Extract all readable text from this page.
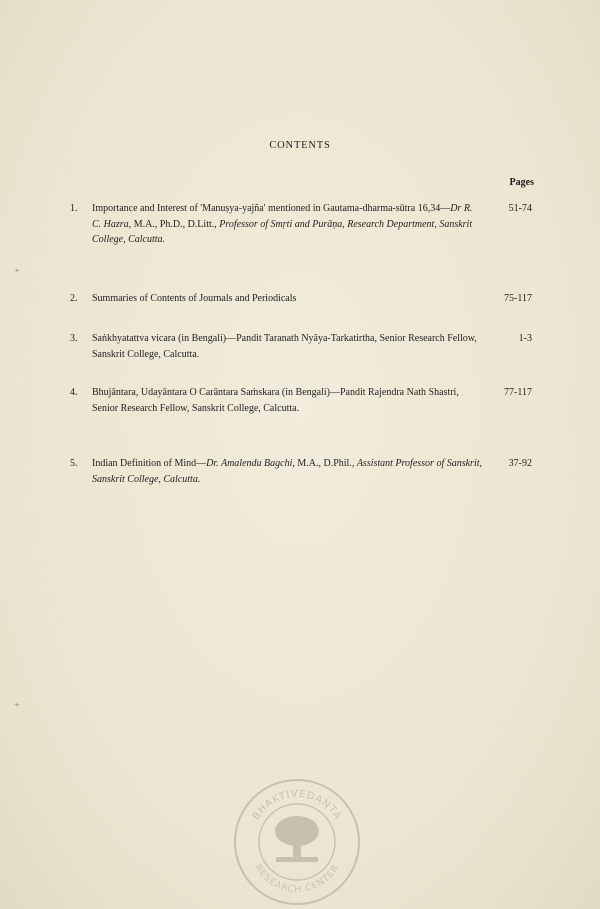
CONTENTS
Pages
1. Importance and Interest of 'Manuṣya-yajña' mentioned in Gautama-dharma-sūtra 16,34—Dr R. C. Hazra, M.A., Ph.D., D.Litt., Professor of Smṛti and Purāṇa, Research Department, Sanskrit College, Calcutta.
51-74
2. Summaries of Contents of Journals and Periodicals	75-117
3. Saṅkhyatattva vicara (in Bengali)—Pandit Taranath Nyāya-Tarkatirtha, Senior Research Fellow, Sanskrit College, Calcutta.
1-3
4. Bhujāntara, Udayāntara O Carāntara Saṁskara (in Bengali)—Pandit Rajendra Nath Shastri, Senior Research Fellow, Sanskrit College, Calcutta.
77-117
5. Indian Definition of Mind—Dr. Amalendu Bagchi, M.A., D.Phil., Assistant Professor of Sanskrit, Sanskrit College, Calcutta.
37-92
⁺
⁺
BHAKTIVEDANTA
RESEARCH CENTER
